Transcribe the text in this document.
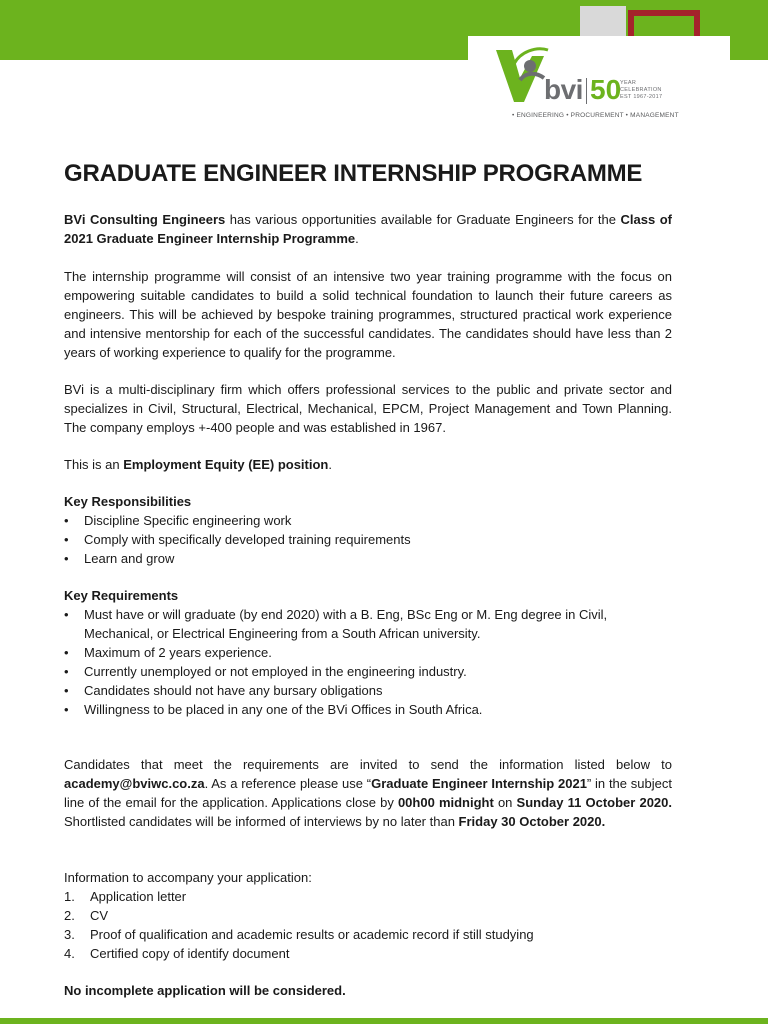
bvi 50
YEAR
CELEBRATION
EST 1967-2017
• ENGINEERING • PROCUREMENT • MANAGEMENT
GRADUATE ENGINEER INTERNSHIP PROGRAMME
BVi Consulting Engineers has various opportunities available for Graduate Engineers for the Class of 2021 Graduate Engineer Internship Programme.
The internship programme will consist of an intensive two year training programme with the focus on empowering suitable candidates to build a solid technical foundation to launch their future careers as engineers. This will be achieved by bespoke training programmes, structured practical work experience and intensive mentorship for each of the successful candidates. The candidates should have less than 2 years of working experience to qualify for the programme.
BVi is a multi-disciplinary firm which offers professional services to the public and private sector and specializes in Civil, Structural, Electrical, Mechanical, EPCM, Project Management and Town Planning. The company employs +-400 people and was established in 1967.
This is an Employment Equity (EE) position.
Key Responsibilities
• Discipline Specific engineering work
• Comply with specifically developed training requirements
• Learn and grow
Key Requirements
• Must have or will graduate (by end 2020) with a B. Eng, BSc Eng or M. Eng degree in Civil, Mechanical, or Electrical Engineering from a South African university.
• Maximum of 2 years experience.
• Currently unemployed or not employed in the engineering industry.
• Candidates should not have any bursary obligations
• Willingness to be placed in any one of the BVi Offices in South Africa.
Candidates that meet the requirements are invited to send the information listed below to academy@bviwc.co.za. As a reference please use “Graduate Engineer Internship 2021” in the subject line of the email for the application. Applications close by 00h00 midnight on Sunday 11 October 2020. Shortlisted candidates will be informed of interviews by no later than Friday 30 October 2020.
Information to accompany your application:
1. Application letter
2. CV
3. Proof of qualification and academic results or academic record if still studying
4. Certified copy of identify document
No incomplete application will be considered.
